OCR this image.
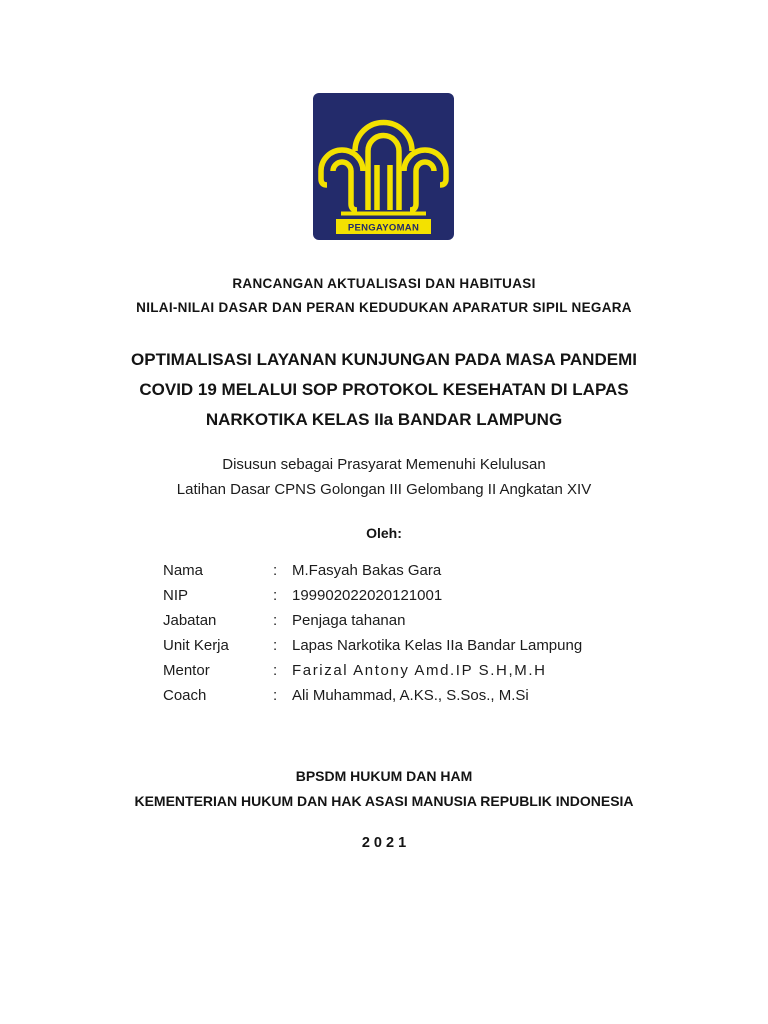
PENGAYOMAN
RANCANGAN AKTUALISASI DAN HABITUASI
NILAI-NILAI DASAR DAN PERAN KEDUDUKAN APARATUR SIPIL NEGARA
OPTIMALISASI LAYANAN KUNJUNGAN PADA MASA PANDEMI
COVID 19 MELALUI SOP PROTOKOL KESEHATAN DI LAPAS
NARKOTIKA KELAS IIa BANDAR LAMPUNG
Disusun sebagai Prasyarat Memenuhi Kelulusan
Latihan Dasar CPNS Golongan III Gelombang II Angkatan XIV
Oleh:
Nama	: M.Fasyah Bakas Gara
NIP	: 199902022020121001
Jabatan	: Penjaga tahanan
Unit Kerja	: Lapas Narkotika Kelas IIa Bandar Lampung
Mentor	: Farizal Antony Amd.IP S.H,M.H
Coach	: Ali Muhammad, A.KS., S.Sos., M.Si
BPSDM HUKUM DAN HAM
KEMENTERIAN HUKUM DAN HAK ASASI MANUSIA REPUBLIK INDONESIA
2 0 2 1
